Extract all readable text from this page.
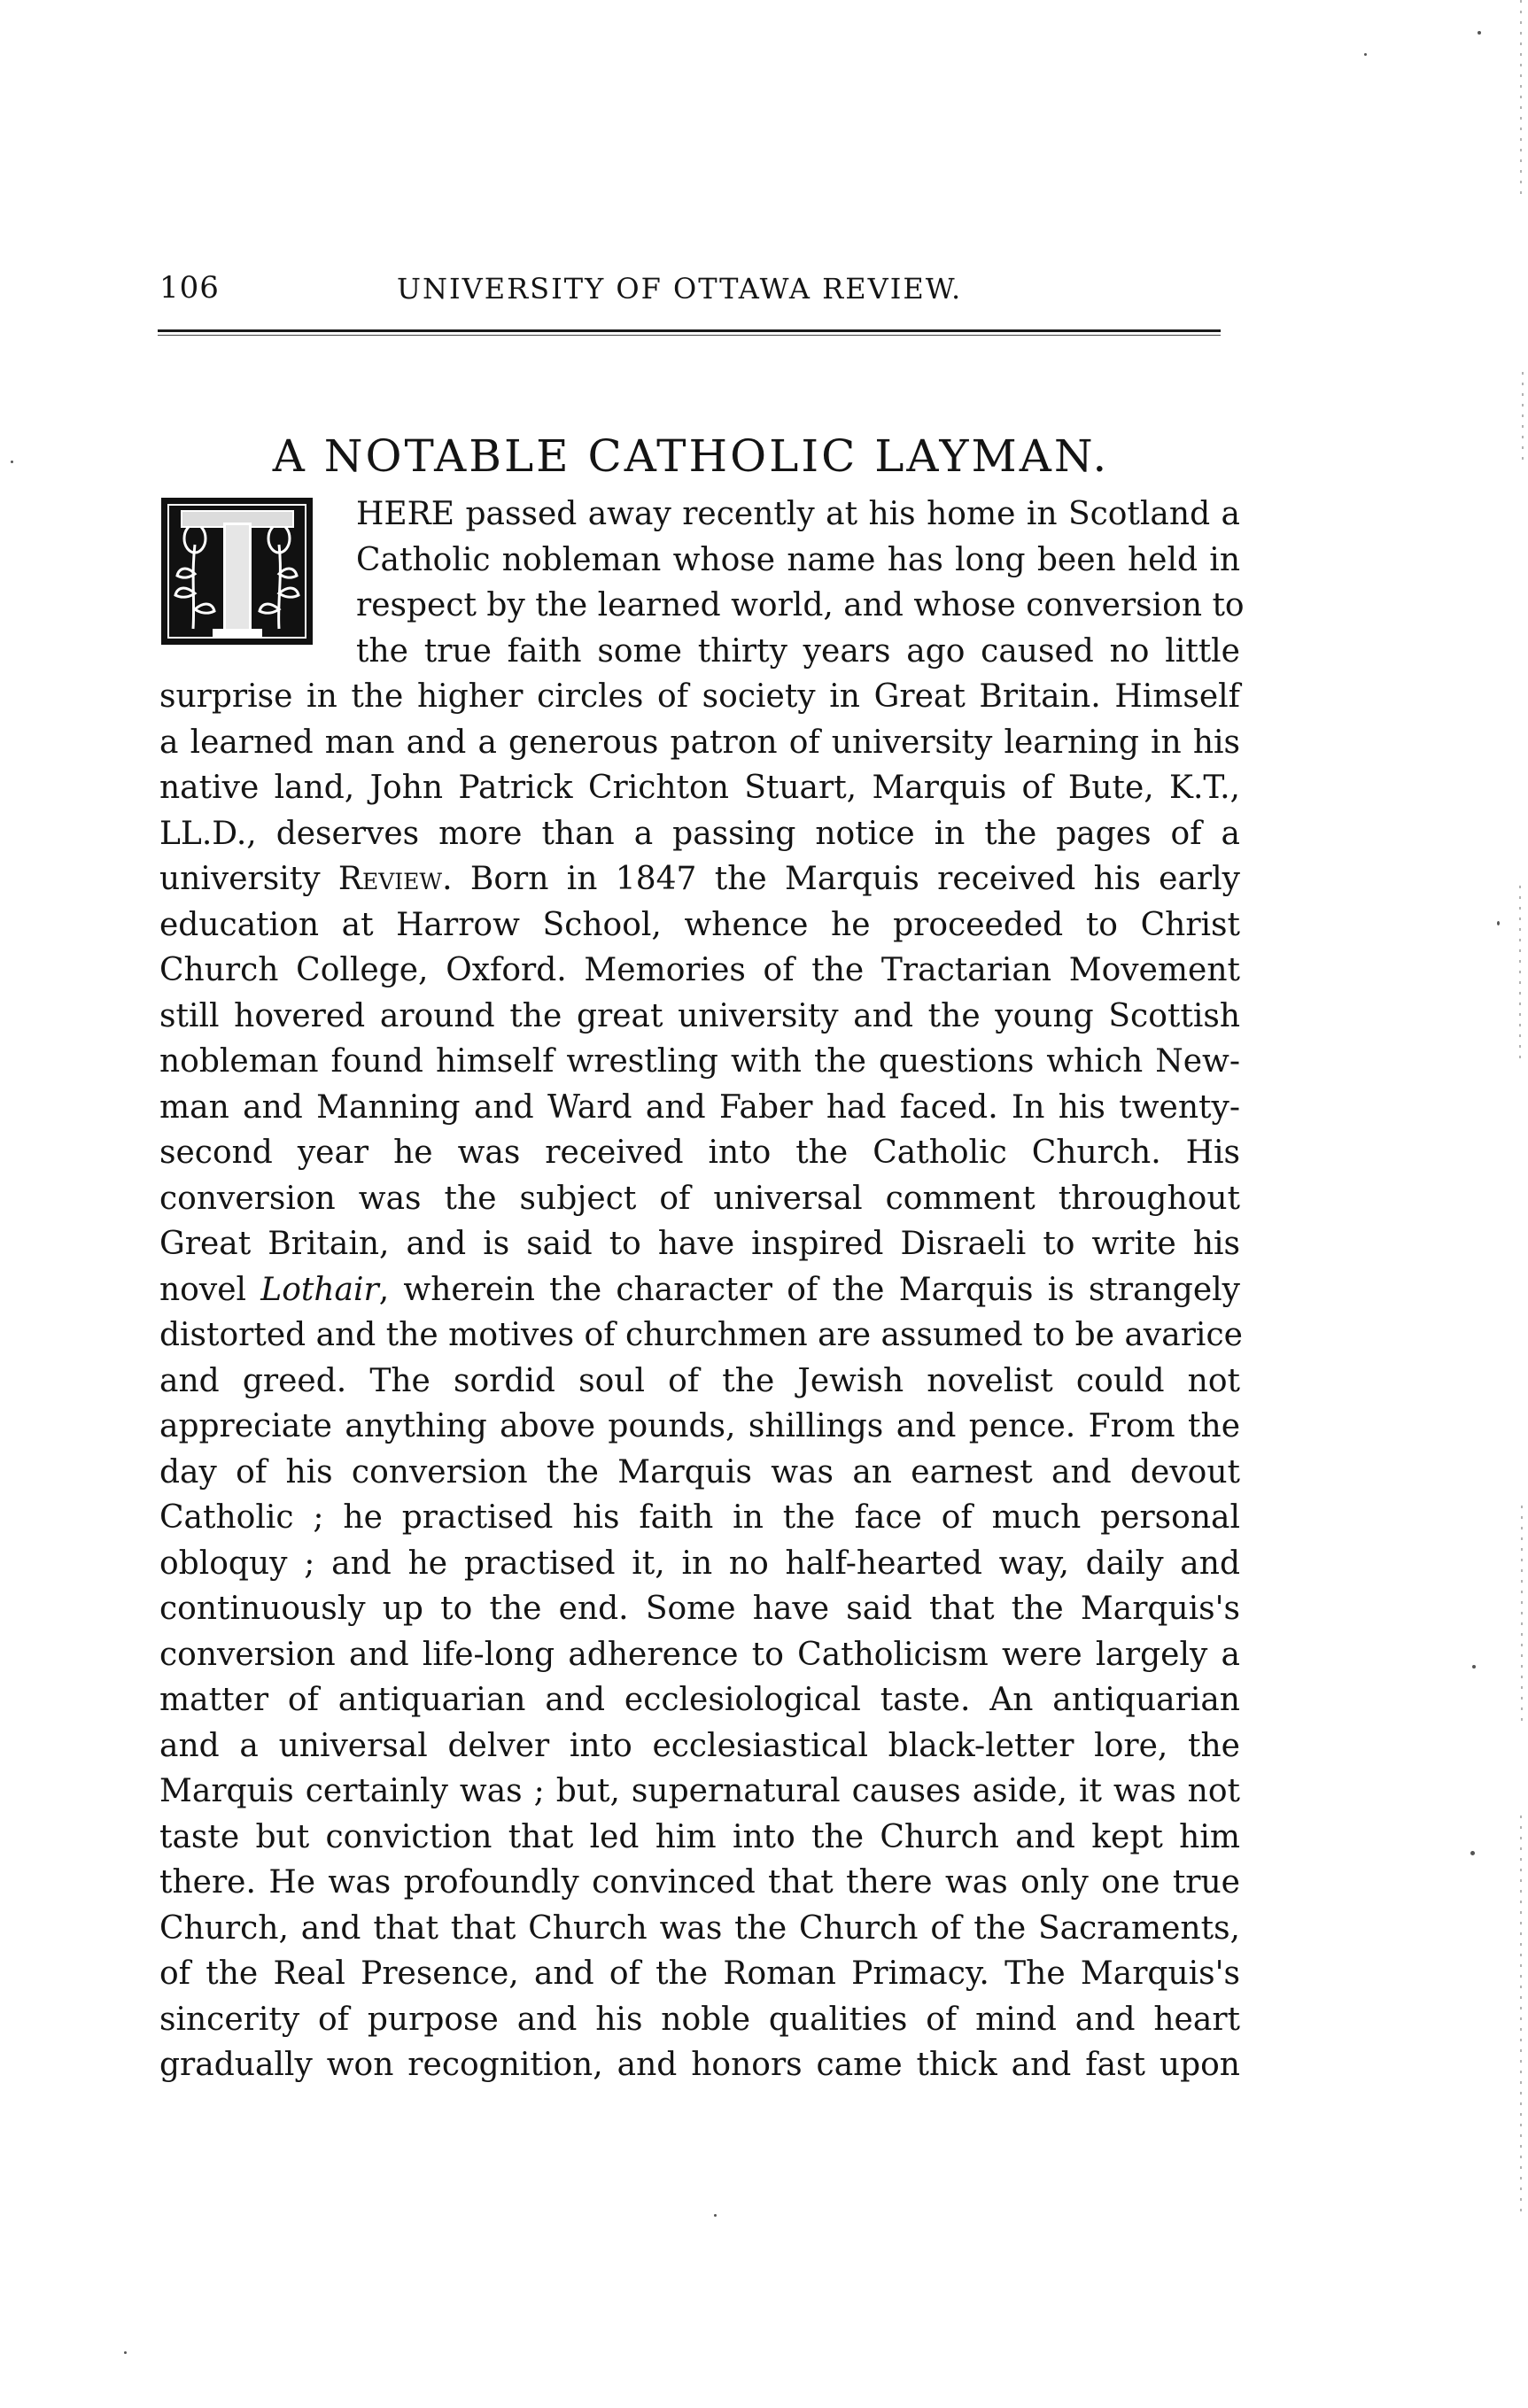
106	UNIVERSITY OF OTTAWA REVIEW.
A NOTABLE CATHOLIC LAYMAN.
HERE passed away recently at his home in Scotland a
Catholic nobleman whose name has long been held in
respect by the learned world, and whose conversion to
the true faith some thirty years ago caused no little
surprise in the higher circles of society in Great Britain. Himself
a learned man and a generous patron of university learning in his
native land, John Patrick Crichton Stuart, Marquis of Bute, K.T.,
LL.D., deserves more than a passing notice in the pages of a
university Review. Born in 1847 the Marquis received his early
education at Harrow School, whence he proceeded to Christ
Church College, Oxford. Memories of the Tractarian Movement
still hovered around the great university and the young Scottish
nobleman found himself wrestling with the questions which New-
man and Manning and Ward and Faber had faced. In his twenty-
second year he was received into the Catholic Church. His
conversion was the subject of universal comment throughout
Great Britain, and is said to have inspired Disraeli to write his
novel Lothair, wherein the character of the Marquis is strangely
distorted and the motives of churchmen are assumed to be avarice
and greed. The sordid soul of the Jewish novelist could not
appreciate anything above pounds, shillings and pence. From the
day of his conversion the Marquis was an earnest and devout
Catholic ; he practised his faith in the face of much personal
obloquy ; and he practised it, in no half-hearted way, daily and
continuously up to the end. Some have said that the Marquis's
conversion and life-long adherence to Catholicism were largely a
matter of antiquarian and ecclesiological taste. An antiquarian
and a universal delver into ecclesiastical black-letter lore, the
Marquis certainly was ; but, supernatural causes aside, it was not
taste but conviction that led him into the Church and kept him
there. He was profoundly convinced that there was only one true
Church, and that that Church was the Church of the Sacraments,
of the Real Presence, and of the Roman Primacy. The Marquis's
sincerity of purpose and his noble qualities of mind and heart
gradually won recognition, and honors came thick and fast upon
